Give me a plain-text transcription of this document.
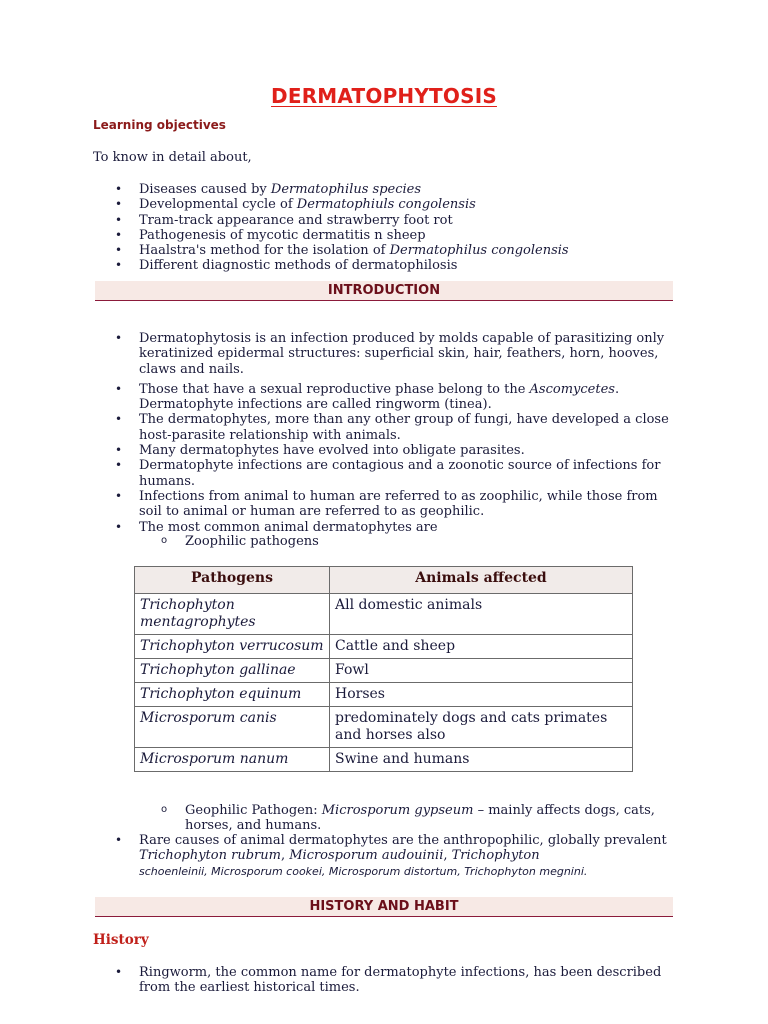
DERMATOPHYTOSIS
Learning objectives
To know in detail about,
• Diseases caused by Dermatophilus species
• Developmental cycle of Dermatophiuls congolensis
• Tram-track appearance and strawberry foot rot
• Pathogenesis of mycotic dermatitis n sheep
• Haalstra's method for the isolation of Dermatophilus congolensis
• Different diagnostic methods of dermatophilosis
INTRODUCTION
• Dermatophytosis is an infection produced by molds capable of parasitizing only keratinized epidermal structures: superficial skin, hair, feathers, horn, hooves, claws and nails.
• Those that have a sexual reproductive phase belong to the Ascomycetes. Dermatophyte infections are called ringworm (tinea).
• The dermatophytes, more than any other group of fungi, have developed a close host-parasite relationship with animals.
• Many dermatophytes have evolved into obligate parasites.
• Dermatophyte infections are contagious and a zoonotic source of infections for humans.
• Infections from animal to human are referred to as zoophilic, while those from soil to animal or human are referred to as geophilic.
• The most common animal dermatophytes are
o Zoophilic pathogens
Pathogens	Animals affected
Trichophyton mentagrophytes	All domestic animals
Trichophyton verrucosum	Cattle and sheep
Trichophyton gallinae	Fowl
Trichophyton equinum	Horses
Microsporum canis	predominately dogs and cats primates and horses also
Microsporum nanum	Swine and humans
o Geophilic Pathogen: Microsporum gypseum – mainly affects dogs, cats, horses, and humans.
• Rare causes of animal dermatophytes are the anthropophilic, globally prevalent Trichophyton rubrum, Microsporum audouinii, Trichophyton
schoenleinii, Microsporum cookei, Microsporum distortum, Trichophyton megnini.
HISTORY AND HABIT
History
• Ringworm, the common name for dermatophyte infections, has been described from the earliest historical times.
